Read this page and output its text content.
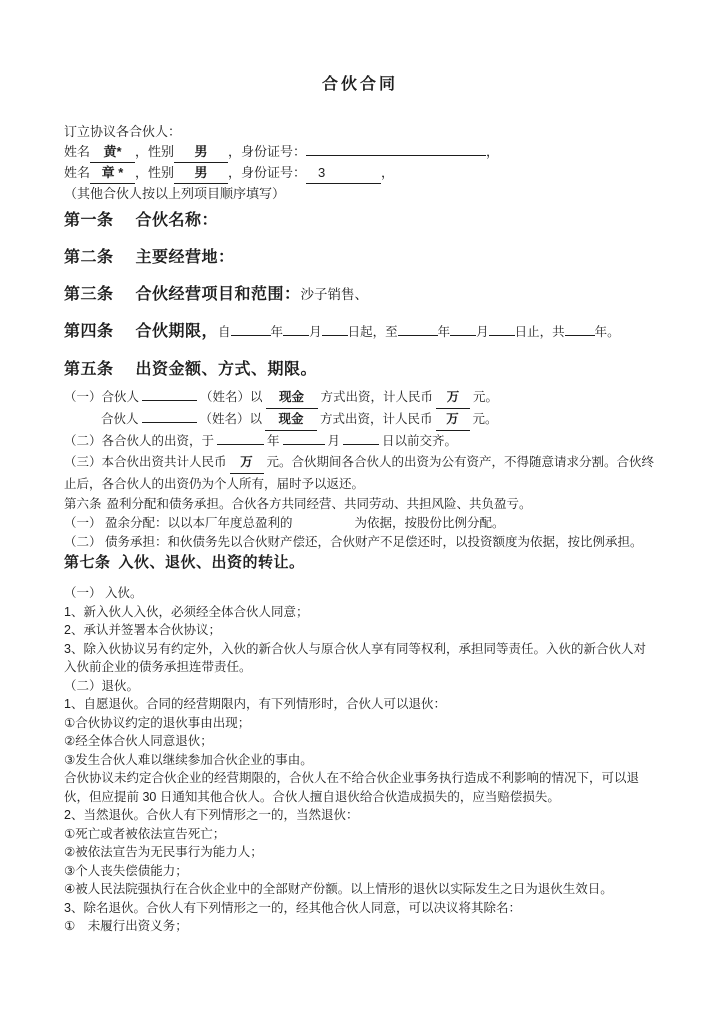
合伙合同

订立协议各合伙人：

姓名 黄* ，性别 男 ，身份证号：	，

姓名 章 * ，性别 男 ，身份证号： 3	，

（其他合伙人按以上列项目顺序填写）

第一条 合伙名称：

第二条 主要经营地：

第三条 合伙经营项目和范围：沙子销售、

第四条 合伙期限，自	年 月 日起，至	年 月 日止，共 年。

第五条 出资金额、方式、期限。

（一）合伙人	（姓名）以 现金 方式出资，计人民币 万 元。

合伙人	（姓名）以 现金 方式出资，计人民币 万 元。

（二）各合伙人的出资，于	年	月	日以前交齐。

（三）本合伙出资共计人民币 万 元。合伙期间各合伙人的出资为公有资产，不得随意请求分割。合伙终止后，各合伙人的出资仍为个人所有，届时予以返还。

第六条 盈利分配和债务承担。合伙各方共同经营、共同劳动、共担风险、共负盈亏。

（一） 盈余分配：以以本厂年度总盈利的	为依据，按股份比例分配。

（二） 债务承担：和伙债务先以合伙财产偿还，合伙财产不足偿还时，以投资额度为依据，按比例承担。

第七条 入伙、退伙、出资的转让。

（一） 入伙。

1、新入伙人入伙，必须经全体合伙人同意；

2、承认并签署本合伙协议；

3、除入伙协议另有约定外，入伙的新合伙人与原合伙人享有同等权利，承担同等责任。入伙的新合伙人对入伙前企业的债务承担连带责任。

（二）退伙。

1、自愿退伙。合同的经营期限内，有下列情形时，合伙人可以退伙：

①合伙协议约定的退伙事由出现；

②经全体合伙人同意退伙；

③发生合伙人难以继续参加合伙企业的事由。

合伙协议未约定合伙企业的经营期限的，合伙人在不给合伙企业事务执行造成不利影响的情况下，可以退伙，但应提前 30 日通知其他合伙人。合伙人擅自退伙给合伙造成损失的，应当赔偿损失。

2、当然退伙。合伙人有下列情形之一的，当然退伙：

①死亡或者被依法宣告死亡；

②被依法宣告为无民事行为能力人；

③个人丧失偿债能力；

④被人民法院强执行在合伙企业中的全部财产份额。以上情形的退伙以实际发生之日为退伙生效日。

3、除名退伙。合伙人有下列情形之一的，经其他合伙人同意，可以决议将其除名：

①　未履行出资义务；
